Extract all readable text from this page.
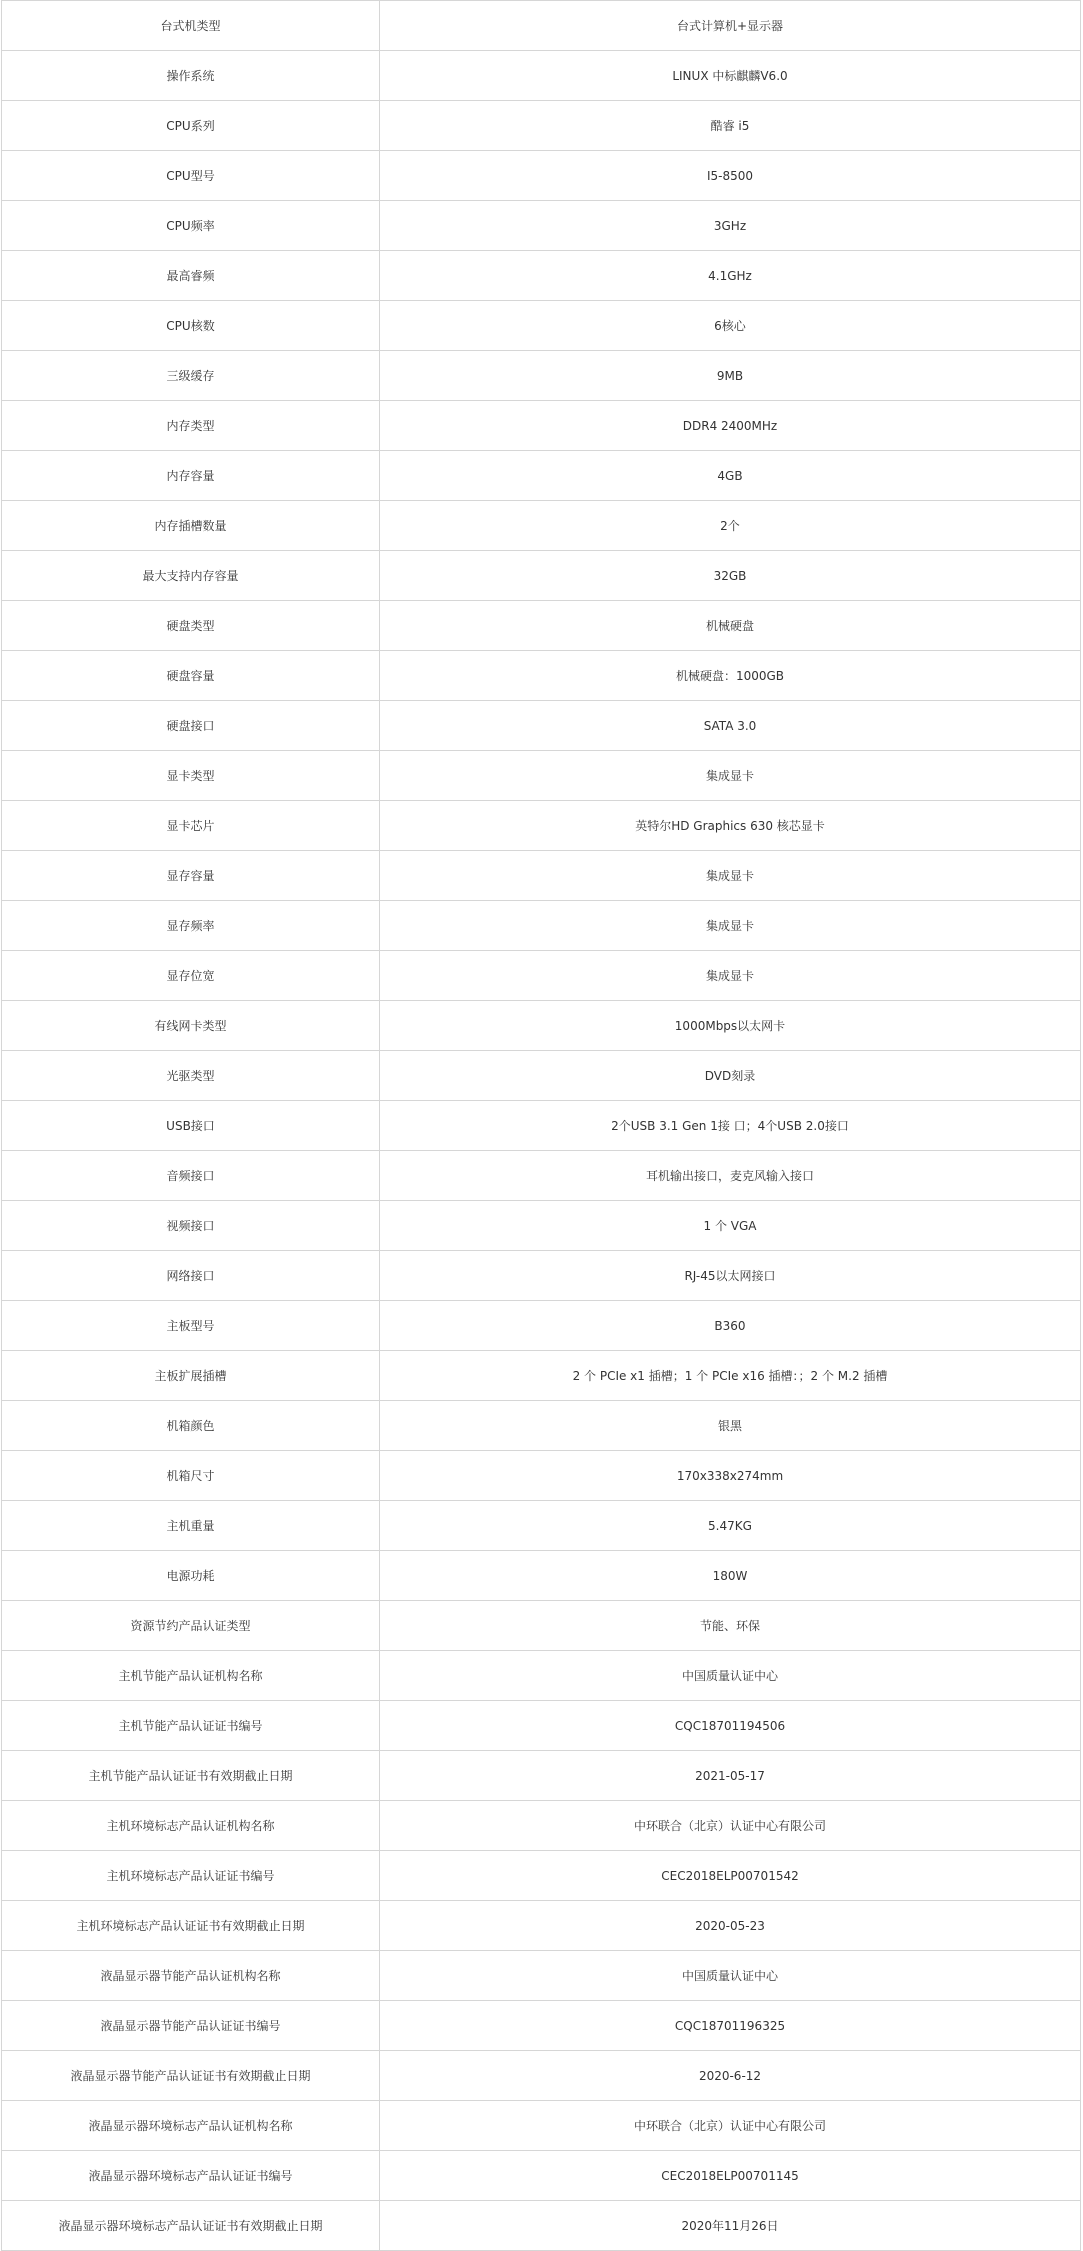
台式机类型	台式计算机+显示器
操作系统	LINUX 中标麒麟V6.0
CPU系列	酷睿 i5
CPU型号	I5-8500
CPU频率	3GHz
最高睿频	4.1GHz
CPU核数	6核心
三级缓存	9MB
内存类型	DDR4 2400MHz
内存容量	4GB
内存插槽数量	2个
最大支持内存容量	32GB
硬盘类型	机械硬盘
硬盘容量	机械硬盘：1000GB
硬盘接口	SATA 3.0
显卡类型	集成显卡
显卡芯片	英特尔HD Graphics 630 核芯显卡
显存容量	集成显卡
显存频率	集成显卡
显存位宽	集成显卡
有线网卡类型	1000Mbps以太网卡
光驱类型	DVD刻录
USB接口	2个USB 3.1 Gen 1接 口；4个USB 2.0接口
音频接口	耳机输出接口，麦克风输入接口
视频接口	1 个 VGA
网络接口	RJ-45以太网接口
主板型号	B360
主板扩展插槽	2 个 PCIe x1 插槽；1 个 PCIe x16 插槽：；2 个 M.2 插槽
机箱颜色	银黑
机箱尺寸	170x338x274mm
主机重量	5.47KG
电源功耗	180W
资源节约产品认证类型	节能、环保
主机节能产品认证机构名称	中国质量认证中心
主机节能产品认证证书编号	CQC18701194506
主机节能产品认证证书有效期截止日期	2021-05-17
主机环境标志产品认证机构名称	中环联合（北京）认证中心有限公司
主机环境标志产品认证证书编号	CEC2018ELP00701542
主机环境标志产品认证证书有效期截止日期	2020-05-23
液晶显示器节能产品认证机构名称	中国质量认证中心
液晶显示器节能产品认证证书编号	CQC18701196325
液晶显示器节能产品认证证书有效期截止日期	2020-6-12
液晶显示器环境标志产品认证机构名称	中环联合（北京）认证中心有限公司
液晶显示器环境标志产品认证证书编号	CEC2018ELP00701145
液晶显示器环境标志产品认证证书有效期截止日期	2020年11月26日
